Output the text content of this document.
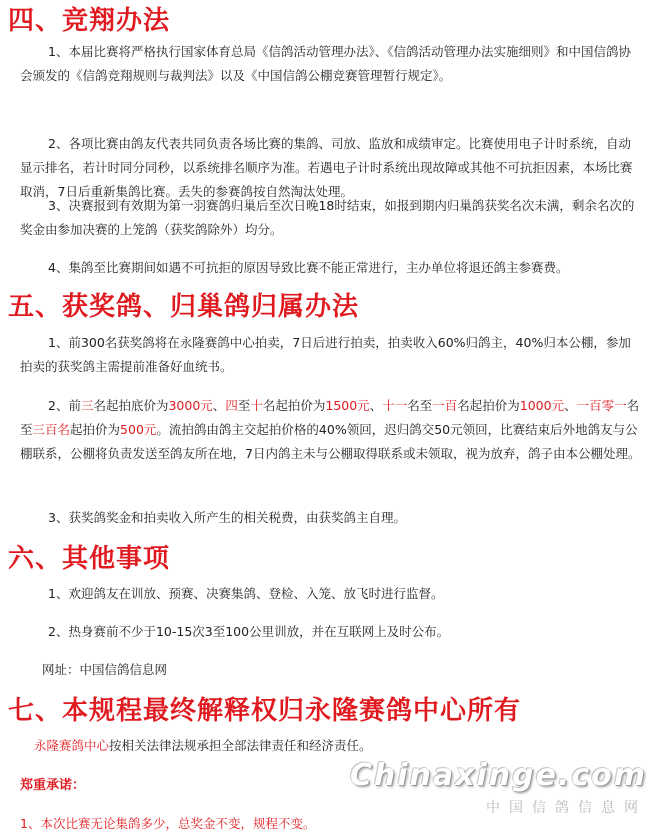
四、竞翔办法

1、本届比赛将严格执行国家体育总局《信鸽活动管理办法》、《信鸽活动管理办法实施细则》和中国信鸽协会颁发的《信鸽竞翔规则与裁判法》以及《中国信鸽公棚竞赛管理暂行规定》。

2、各项比赛由鸽友代表共同负责各场比赛的集鸽、司放、监放和成绩审定。比赛使用电子计时系统，自动显示排名，若计时同分同秒，以系统排名顺序为准。若遇电子计时系统出现故障或其他不可抗拒因素，本场比赛取消，7日后重新集鸽比赛。丢失的参赛鸽按自然淘汰处理。

3、决赛报到有效期为第一羽赛鸽归巢后至次日晚18时结束，如报到期内归巢鸽获奖名次未满，剩余名次的奖金由参加决赛的上笼鸽（获奖鸽除外）均分。

4、集鸽至比赛期间如遇不可抗拒的原因导致比赛不能正常进行，主办单位将退还鸽主参赛费。

五、获奖鸽、归巢鸽归属办法

1、前300名获奖鸽将在永隆赛鸽中心拍卖，7日后进行拍卖，拍卖收入60%归鸽主，40%归本公棚，参加拍卖的获奖鸽主需提前准备好血统书。

2、前三名起拍底价为3000元、四至十名起拍价为1500元、十一名至一百名起拍价为1000元、一百零一名至三百名起拍价为500元。流拍鸽由鸽主交起拍价格的40%领回，迟归鸽交50元领回，比赛结束后外地鸽友与公棚联系，公棚将负责发送至鸽友所在地，7日内鸽主未与公棚取得联系或未领取，视为放弃，鸽子由本公棚处理。

3、获奖鸽奖金和拍卖收入所产生的相关税费，由获奖鸽主自理。

六、其他事项

1、欢迎鸽友在训放、预赛、决赛集鸽、登检、入笼、放飞时进行监督。

2、热身赛前不少于10-15次3至100公里训放，并在互联网上及时公布。

网址：中国信鸽信息网

七、本规程最终解释权归永隆赛鸽中心所有

永隆赛鸽中心按相关法律法规承担全部法律责任和经济责任。

郑重承诺：

1、本次比赛无论集鸽多少，总奖金不变，规程不变。

Chinaxinge.com
中国信鸽信息网
